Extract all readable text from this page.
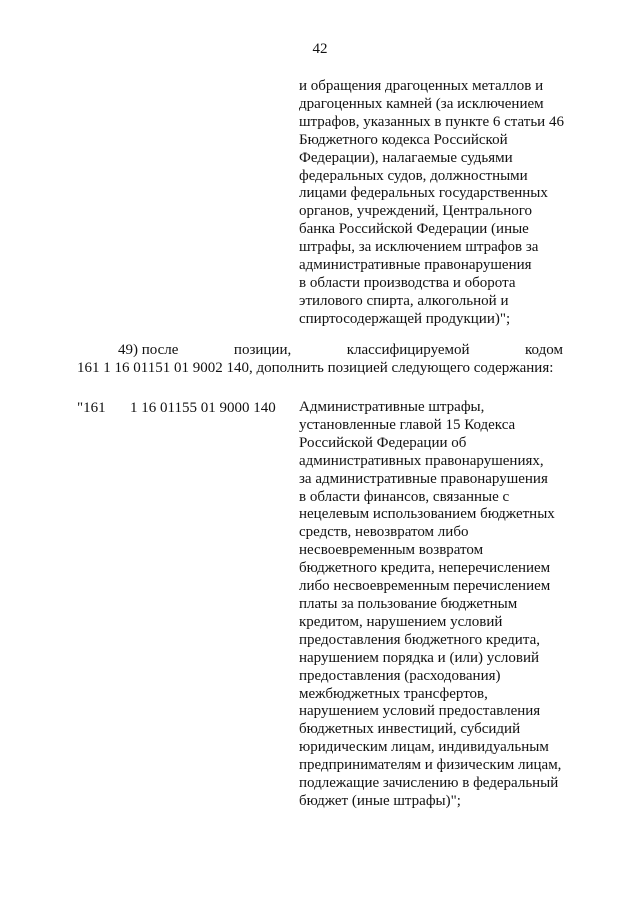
42
и обращения драгоценных металлов и
драгоценных камней (за исключением
штрафов, указанных в пункте 6 статьи 46
Бюджетного кодекса Российской
Федерации), налагаемые судьями
федеральных судов, должностными
лицами федеральных государственных
органов, учреждений, Центрального
банка Российской Федерации (иные
штрафы, за исключением штрафов за
административные правонарушения
в области производства и оборота
этилового спирта, алкогольной и
спиртосодержащей продукции)";
49) после	позиции,	классифицируемой	кодом
161 1 16 01151 01 9002 140, дополнить позицией следующего содержания:
"161 1 16 01155 01 9000 140 Административные штрафы,
установленные главой 15 Кодекса
Российской Федерации об
административных правонарушениях,
за административные правонарушения
в области финансов, связанные с
нецелевым использованием бюджетных
средств, невозвратом либо
несвоевременным возвратом
бюджетного кредита, неперечислением
либо несвоевременным перечислением
платы за пользование бюджетным
кредитом, нарушением условий
предоставления бюджетного кредита,
нарушением порядка и (или) условий
предоставления (расходования)
межбюджетных трансфертов,
нарушением условий предоставления
бюджетных инвестиций, субсидий
юридическим лицам, индивидуальным
предпринимателям и физическим лицам,
подлежащие зачислению в федеральный
бюджет (иные штрафы)";
